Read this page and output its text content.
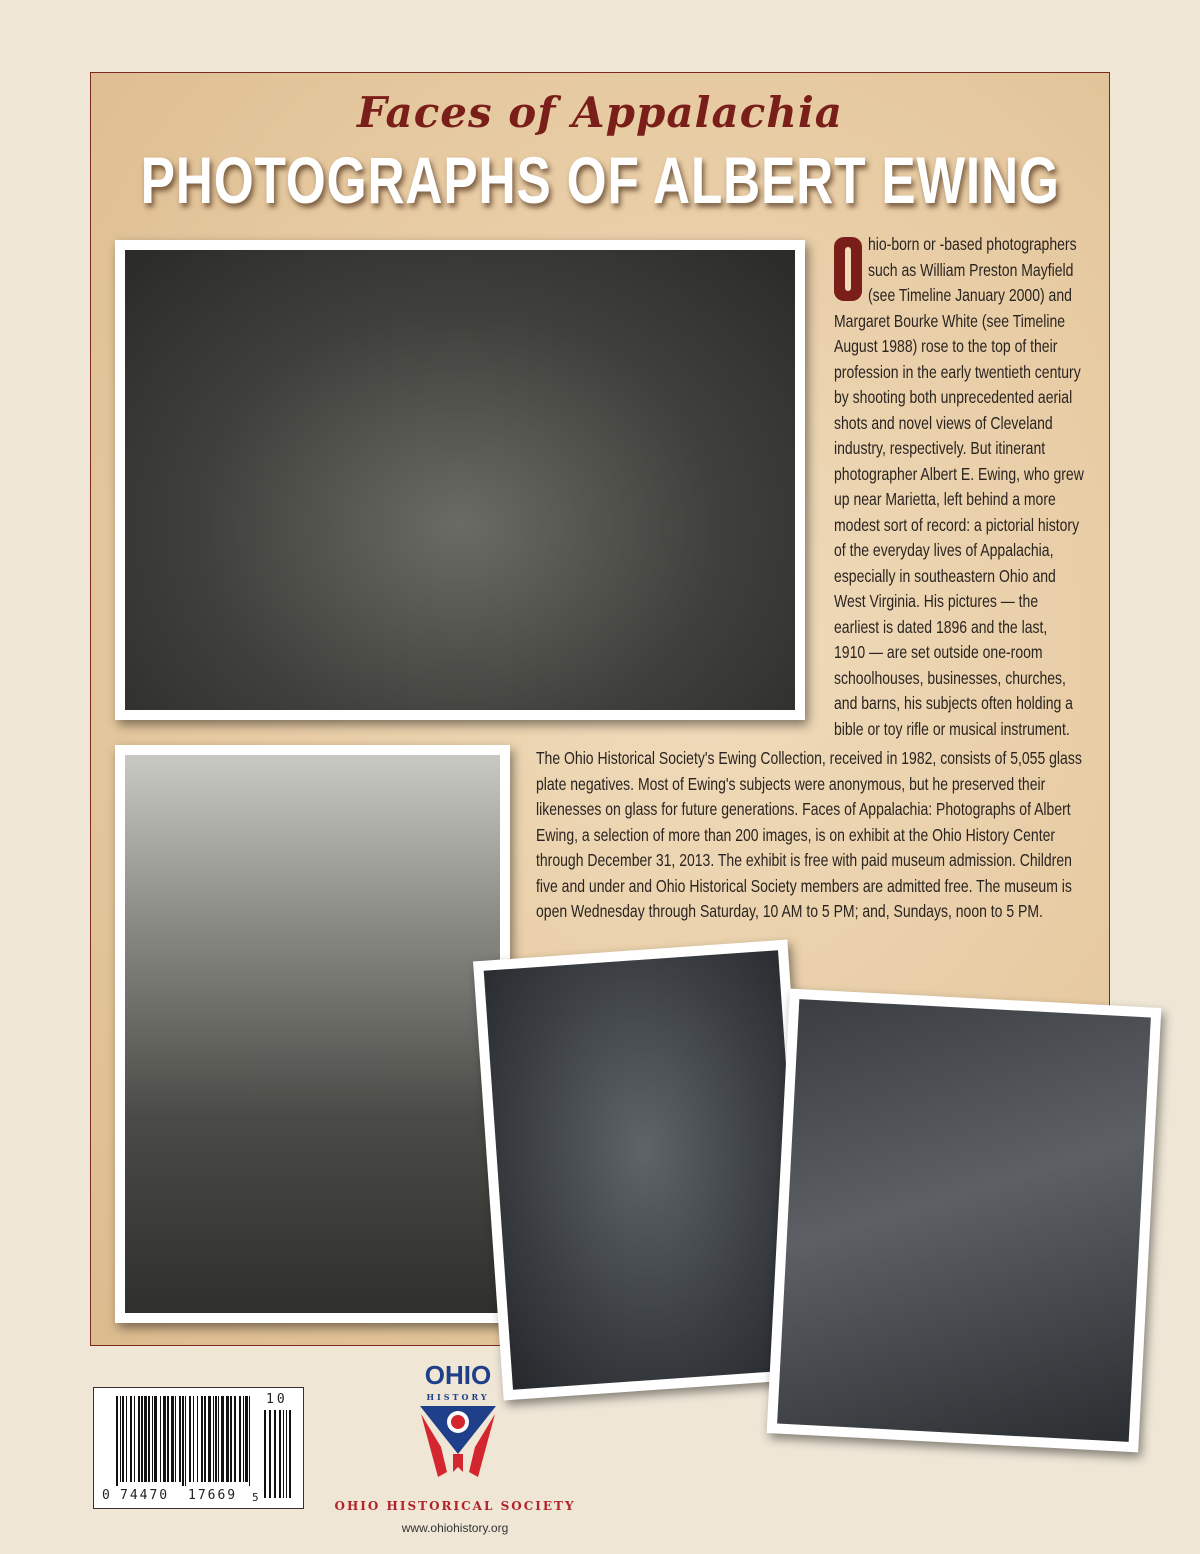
Faces of Appalachia
PHOTOGRAPHS OF ALBERT EWING
hio-born or -based photographers
such as William Preston Mayfield
(see Timeline January 2000) and
Margaret Bourke White (see Timeline
August 1988) rose to the top of their
profession in the early twentieth century
by shooting both unprecedented aerial
shots and novel views of Cleveland
industry, respectively. But itinerant
photographer Albert E. Ewing, who grew
up near Marietta, left behind a more
modest sort of record: a pictorial history
of the everyday lives of Appalachia,
especially in southeastern Ohio and
West Virginia. His pictures — the
earliest is dated 1896 and the last,
1910 — are set outside one-room
schoolhouses, businesses, churches,
and barns, his subjects often holding a
bible or toy rifle or musical instrument.
The Ohio Historical Society's Ewing Collection, received in 1982, consists of 5,055 glass
plate negatives. Most of Ewing's subjects were anonymous, but he preserved their
likenesses on glass for future generations. Faces of Appalachia: Photographs of Albert
Ewing, a selection of more than 200 images, is on exhibit at the Ohio History Center
through December 31, 2013. The exhibit is free with paid museum admission. Children
five and under and Ohio Historical Society members are admitted free. The museum is
open Wednesday through Saturday, 10 AM to 5 PM; and, Sundays, noon to 5 PM.
0 74470 17669 5
10
OHIO
HISTORY
OHIO HISTORICAL SOCIETY
www.ohiohistory.org
